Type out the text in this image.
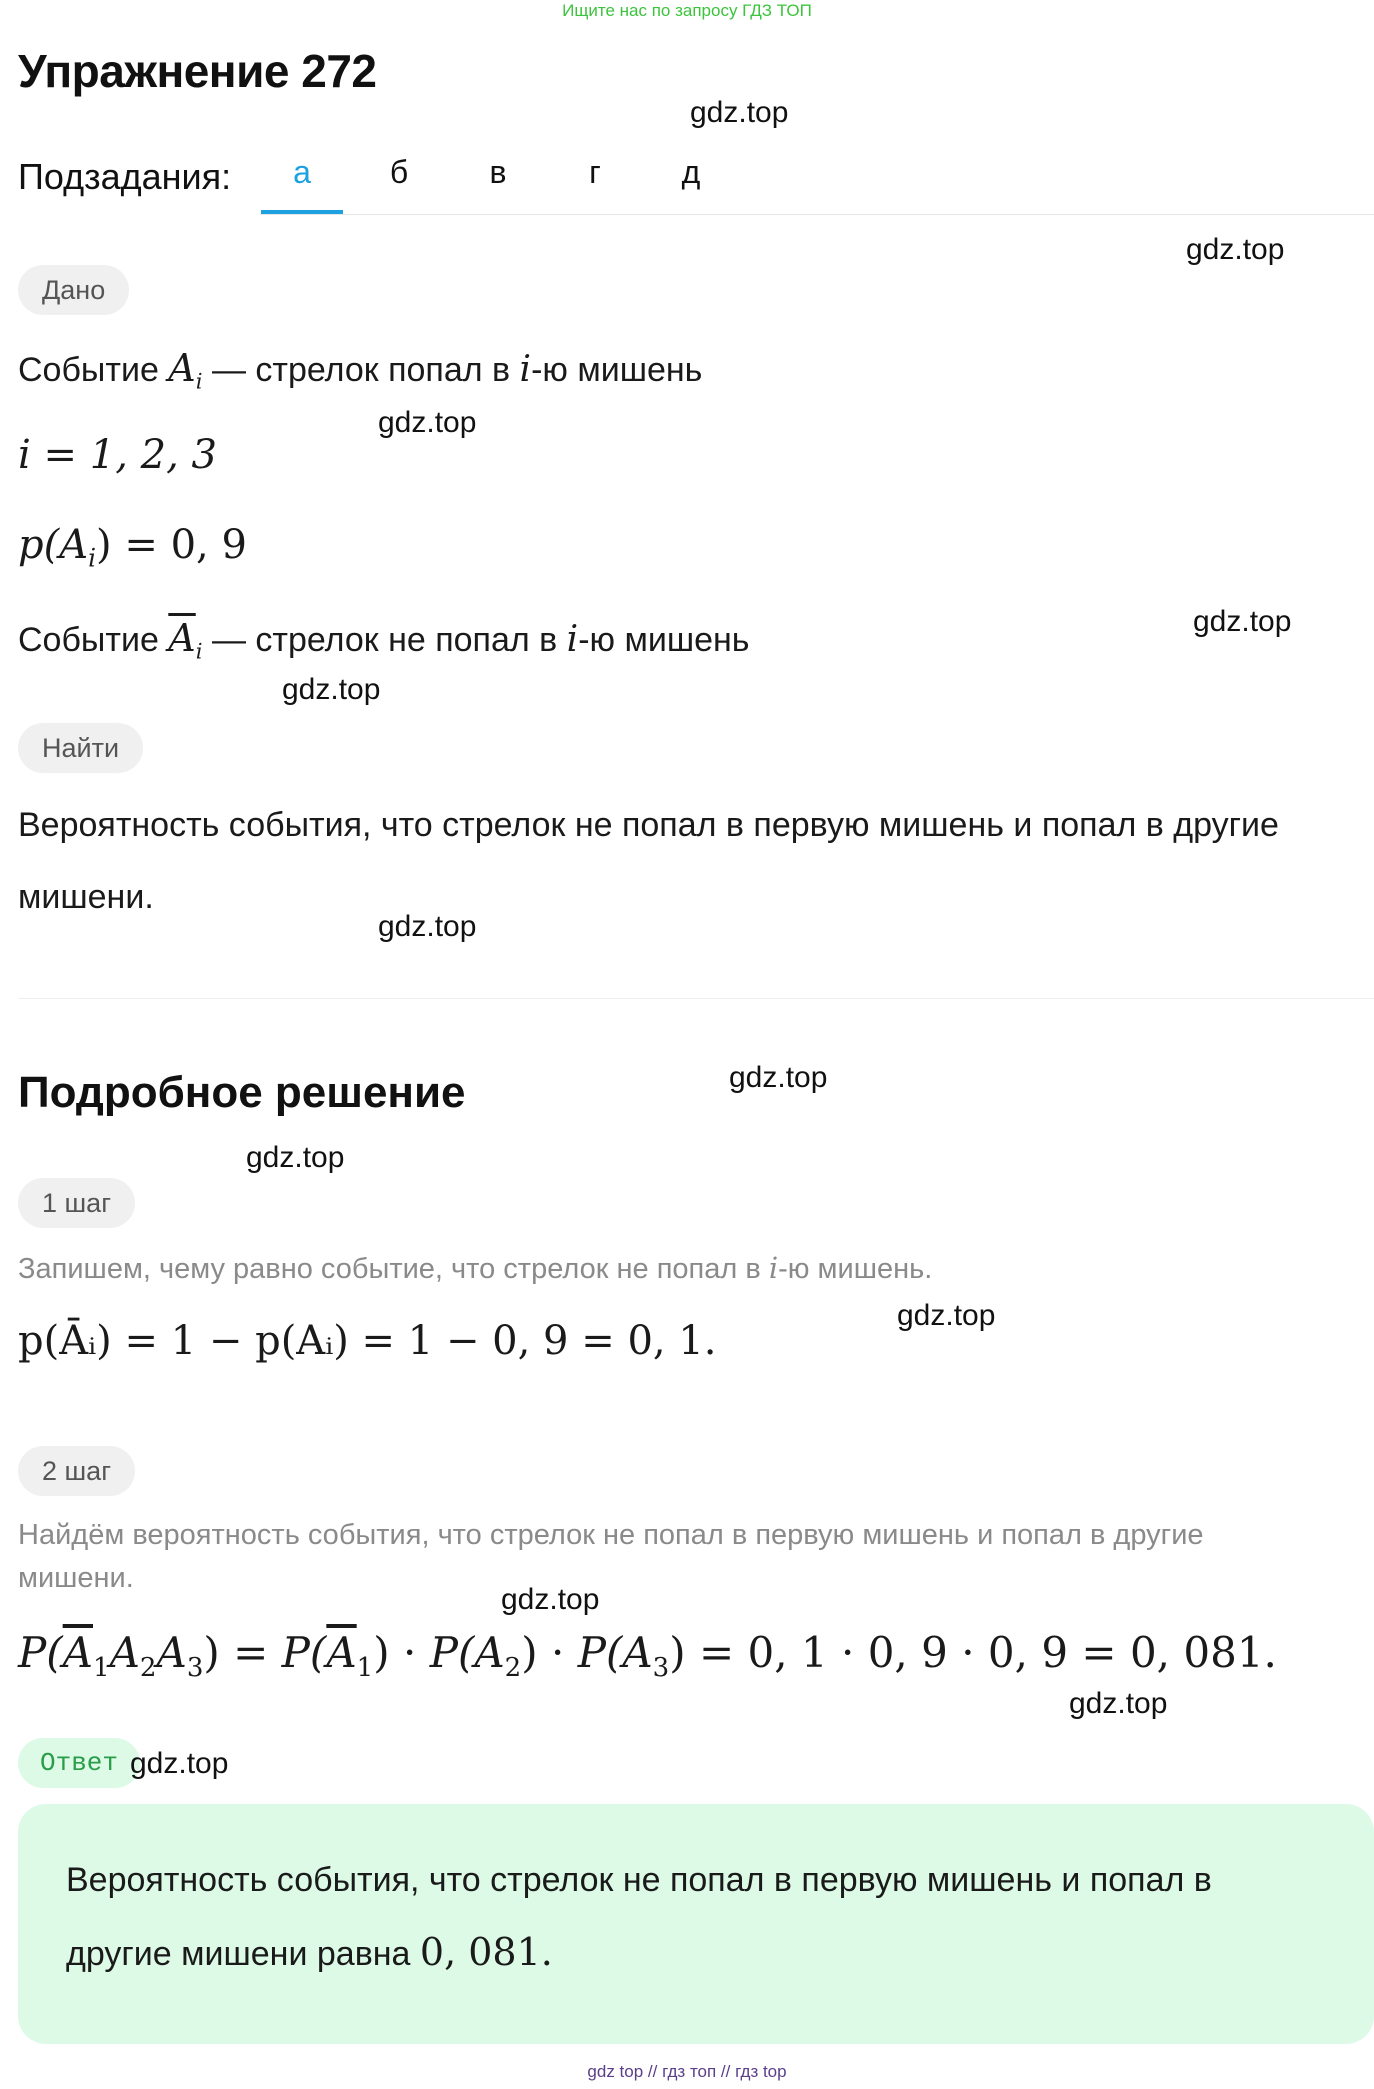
Ищите нас по запросу ГДЗ ТОП
Упражнение 272
Подзадания:	а	б	в	г	д
Дано
Событие $A_i$ — стрелок попал в i-ю мишень
i = 1, 2, 3
$p(A_i) = 0$, 9
Событие $\overline{A}_i$ — стрелок не попал в i-ю мишень
Найти
Вероятность события, что стрелок не попал в первую мишень и попал в другие
мишени.
Подробное решение
1 шаг
Запишем, чему равно событие, что стрелок не попал в i-ю мишень.
p(Āᵢ) = 1 − p(Aᵢ) = 1 − 0, 9 = 0, 1.
2 шаг
Найдём вероятность события, что стрелок не попал в первую мишень и попал в другие
мишени.
$P(\overline{A}_1A_2A_3) = P(\overline{A}_1) \cdot P(A_2) \cdot P(A_3) = 0$, 1 · 0, 9 · 0, 9 = 0, 081.
Ответ
Вероятность события, что стрелок не попал в первую мишень и попал в
другие мишени равна 0, 081.
gdz.top
gdz.top
gdz.top
gdz.top
gdz.top
gdz.top
gdz.top
gdz.top
gdz.top
gdz.top
gdz.top
gdz.top
gdz top // гдз топ // гдз top
